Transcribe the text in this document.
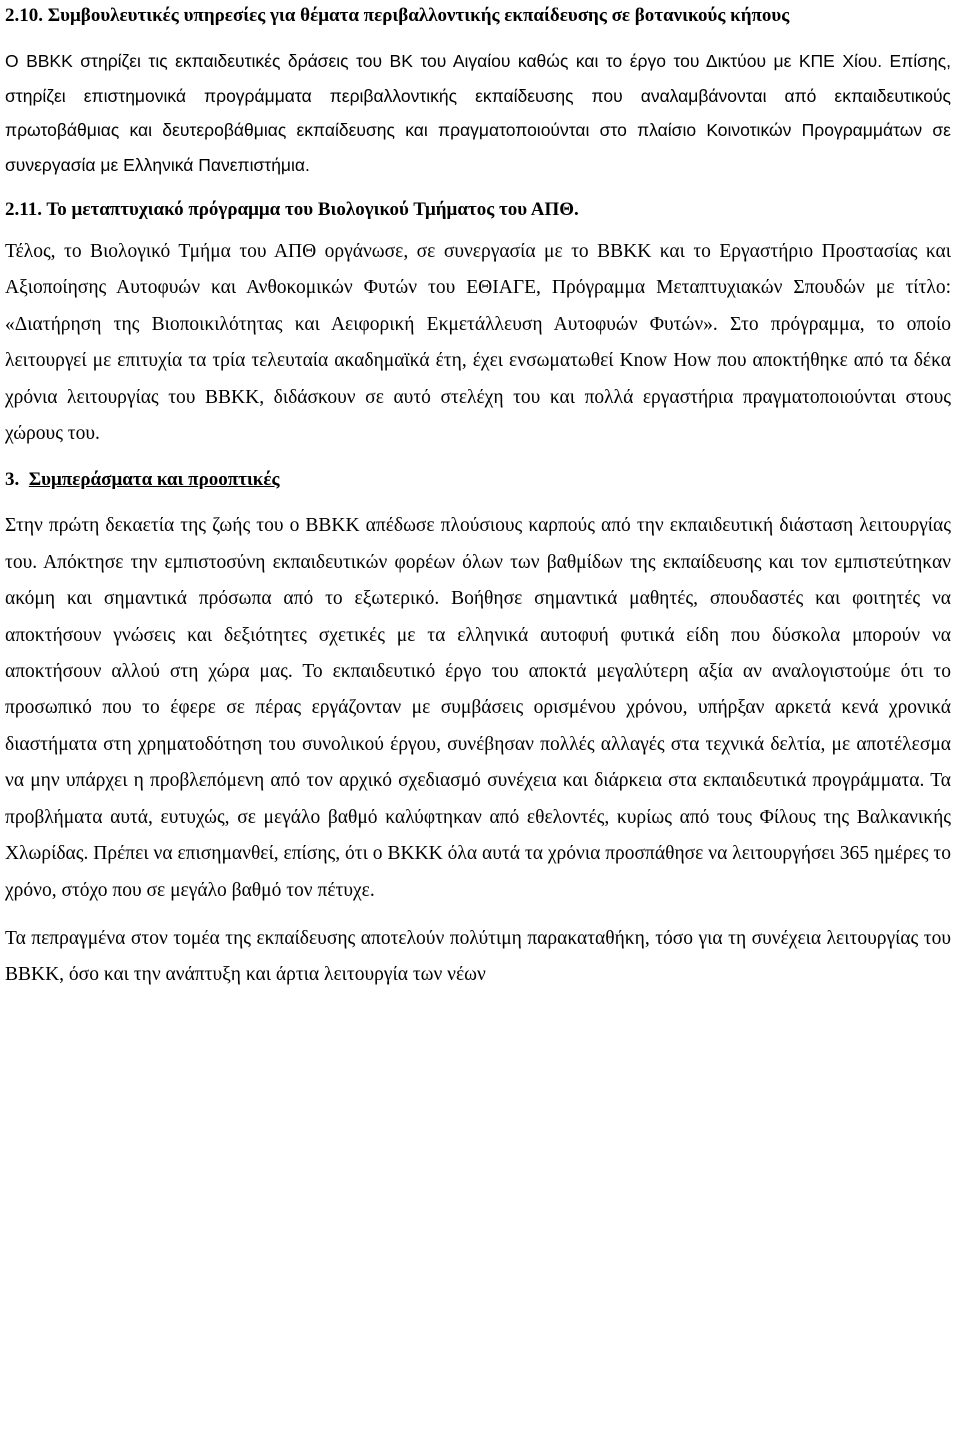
2.10. Συμβουλευτικές υπηρεσίες για θέματα περιβαλλοντικής εκπαίδευσης σε βοτανικούς κήπους

Ο ΒΒΚΚ στηρίζει τις εκπαιδευτικές δράσεις του ΒΚ του Αιγαίου καθώς και το έργο του Δικτύου με ΚΠΕ Χίου. Επίσης, στηρίζει επιστημονικά προγράμματα περιβαλλοντικής εκπαίδευσης που αναλαμβάνονται από εκπαιδευτικούς πρωτοβάθμιας και δευτεροβάθμιας εκπαίδευσης και πραγματοποιούνται στο πλαίσιο Κοινοτικών Προγραμμάτων σε συνεργασία με Ελληνικά Πανεπιστήμια.

2.11. Το μεταπτυχιακό πρόγραμμα του Βιολογικού Τμήματος του ΑΠΘ.

Τέλος, το Βιολογικό Τμήμα του ΑΠΘ οργάνωσε, σε συνεργασία με το ΒΒΚΚ και το Εργαστήριο Προστασίας και Αξιοποίησης Αυτοφυών και Ανθοκομικών Φυτών του ΕΘΙΑΓΕ, Πρόγραμμα Μεταπτυχιακών Σπουδών με τίτλο: «Διατήρηση της Βιοποικιλότητας και Αειφορική Εκμετάλλευση Αυτοφυών Φυτών». Στο πρόγραμμα, το οποίο λειτουργεί με επιτυχία τα τρία τελευταία ακαδημαϊκά έτη, έχει ενσωματωθεί Know How που αποκτήθηκε από τα δέκα χρόνια λειτουργίας του ΒΒΚΚ, διδάσκουν σε αυτό στελέχη του και πολλά εργαστήρια πραγματοποιούνται στους χώρους του.

3. Συμπεράσματα και προοπτικές

Στην πρώτη δεκαετία της ζωής του ο ΒΒΚΚ απέδωσε πλούσιους καρπούς από την εκπαιδευτική διάσταση λειτουργίας του. Απόκτησε την εμπιστοσύνη εκπαιδευτικών φορέων όλων των βαθμίδων της εκπαίδευσης και τον εμπιστεύτηκαν ακόμη και σημαντικά πρόσωπα από το εξωτερικό. Βοήθησε σημαντικά μαθητές, σπουδαστές και φοιτητές να αποκτήσουν γνώσεις και δεξιότητες σχετικές με τα ελληνικά αυτοφυή φυτικά είδη που δύσκολα μπορούν να αποκτήσουν αλλού στη χώρα μας. Το εκπαιδευτικό έργο του αποκτά μεγαλύτερη αξία αν αναλογιστούμε ότι το προσωπικό που το έφερε σε πέρας εργάζονταν με συμβάσεις ορισμένου χρόνου, υπήρξαν αρκετά κενά χρονικά διαστήματα στη χρηματοδότηση του συνολικού έργου, συνέβησαν πολλές αλλαγές στα τεχνικά δελτία, με αποτέλεσμα να μην υπάρχει η προβλεπόμενη από τον αρχικό σχεδιασμό συνέχεια και διάρκεια στα εκπαιδευτικά προγράμματα. Τα προβλήματα αυτά, ευτυχώς, σε μεγάλο βαθμό καλύφτηκαν από εθελοντές, κυρίως από τους Φίλους της Βαλκανικής Χλωρίδας. Πρέπει να επισημανθεί, επίσης, ότι ο ΒΚΚΚ όλα αυτά τα χρόνια προσπάθησε να λειτουργήσει 365 ημέρες το χρόνο, στόχο που σε μεγάλο βαθμό τον πέτυχε.

Τα πεπραγμένα στον τομέα της εκπαίδευσης αποτελούν πολύτιμη παρακαταθήκη, τόσο για τη συνέχεια λειτουργίας του ΒΒΚΚ, όσο και την ανάπτυξη και άρτια λειτουργία των νέων
